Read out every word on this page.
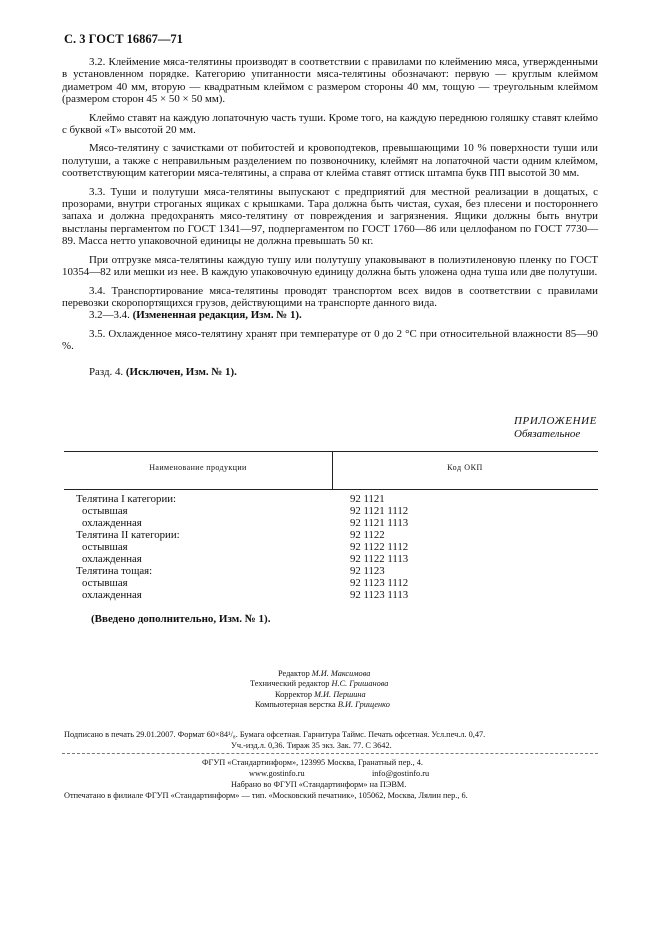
С. 3 ГОСТ 16867—71

3.2. Клеймение мяса-телятины производят в соответствии с правилами по клеймению мяса, утвержденными в установленном порядке. Категорию упитанности мяса-телятины обозначают: первую — круглым клеймом диаметром 40 мм, вторую — квадратным клеймом с размером стороны 40 мм, тощую — треугольным клеймом (размером сторон 45 × 50 × 50 мм).

Клеймо ставят на каждую лопаточную часть туши. Кроме того, на каждую переднюю голяшку ставят клеймо с буквой «Т» высотой 20 мм.

Мясо-телятину с зачистками от побитостей и кровоподтеков, превышающими 10 % поверхности туши или полутуши, а также с неправильным разделением по позвоночнику, клеймят на лопаточной части одним клеймом, соответствующим категории мяса-телятины, а справа от клейма ставят оттиск штампа букв ПП высотой 30 мм.

3.3. Туши и полутуши мяса-телятины выпускают с предприятий для местной реализации в дощатых, с прозорами, внутри строганых ящиках с крышками. Тара должна быть чистая, сухая, без плесени и постороннего запаха и должна предохранять мясо-телятину от повреждения и загрязнения. Ящики должны быть внутри выстланы пергаментом по ГОСТ 1341—97, подпергаментом по ГОСТ 1760—86 или целлофаном по ГОСТ 7730—89. Масса нетто упаковочной единицы не должна превышать 50 кг.

При отгрузке мяса-телятины каждую тушу или полутушу упаковывают в полиэтиленовую пленку по ГОСТ 10354—82 или мешки из нее. В каждую упаковочную единицу должна быть уложена одна туша или две полутуши.

3.4. Транспортирование мяса-телятины проводят транспортом всех видов в соответствии с правилами перевозки скоропортящихся грузов, действующими на транспорте данного вида.

3.2—3.4. (Измененная редакция, Изм. № 1).

3.5. Охлажденное мясо-телятину хранят при температуре от 0 до 2 °С при относительной влажности 85—90 %.

Разд. 4. (Исключен, Изм. № 1).

ПРИЛОЖЕНИЕ
Обязательное
Наименование продукции	Код ОКП
Телятина I категории:	92 1121
остывшая	92 1121 1112
охлажденная	92 1121 1113
Телятина II категории:	92 1122
остывшая	92 1122 1112
охлажденная	92 1122 1113
Телятина тощая:	92 1123
остывшая	92 1123 1112
охлажденная	92 1123 1113
(Введено дополнительно, Изм. № 1).
Редактор М.И. Максимова
Технический редактор Н.С. Гришанова
Корректор М.И. Першина
Компьютерная верстка В.И. Грищенко
Подписано в печать 29.01.2007. Формат 60×84¹/₈. Бумага офсетная. Гарнитура Таймс. Печать офсетная. Усл.печ.л. 0,47.
Уч.-изд.л. 0,36. Тираж 35 экз. Зак. 77. С 3642.
ФГУП «Стандартинформ», 123995 Москва, Гранатный пер., 4.
www.gostinfo.ru	info@gostinfo.ru
Набрано во ФГУП «Стандартинформ» на ПЭВМ.
Отпечатано в филиале ФГУП «Стандартинформ» — тип. «Московский печатник», 105062, Москва, Лялин пер., 6.
